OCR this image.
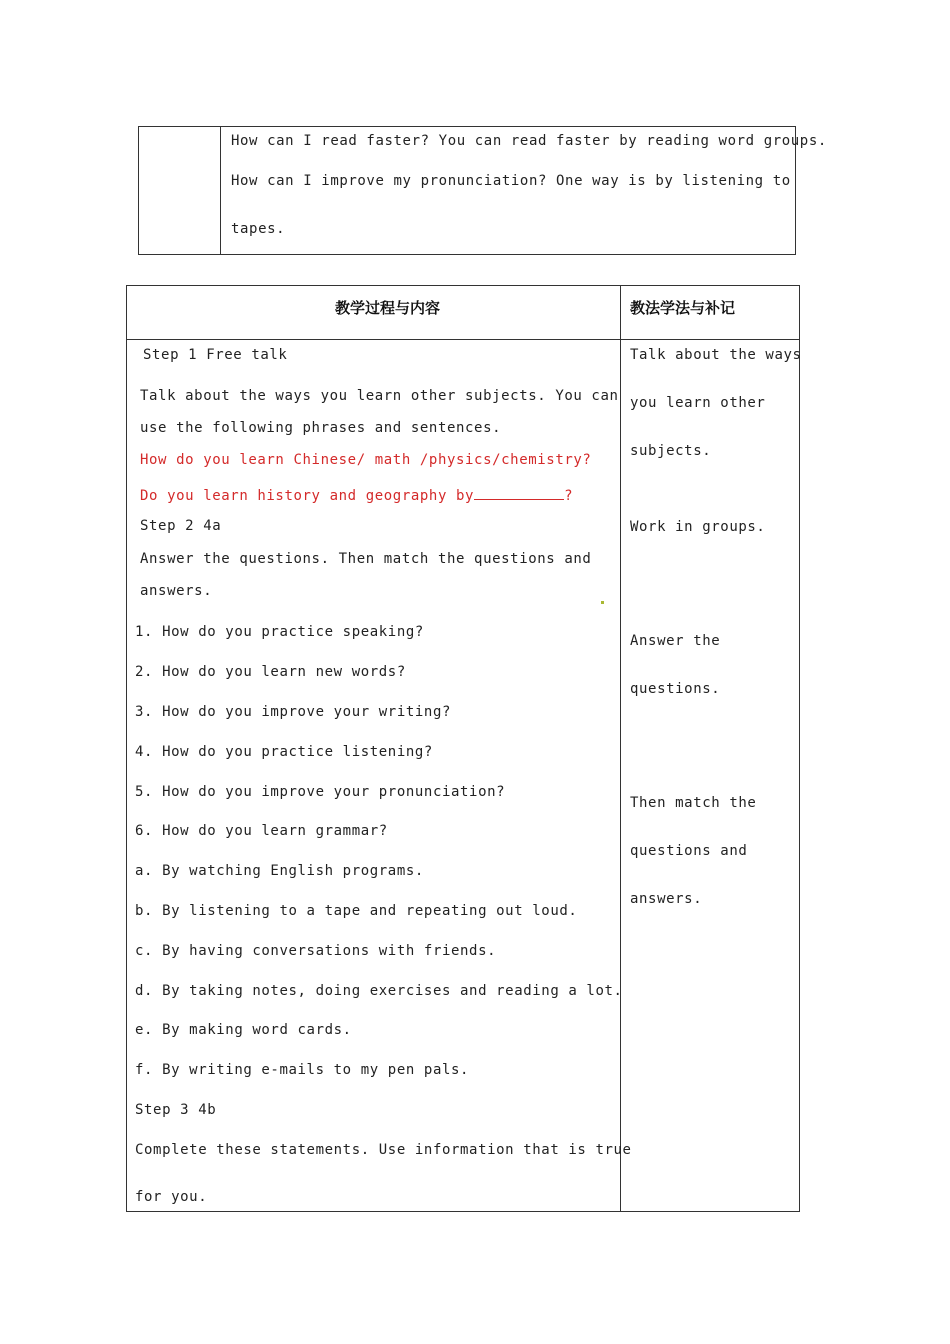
How can I read faster? You can read faster by reading word groups.
How can I improve my pronunciation? One way is by listening to
tapes.
教学过程与内容	教法学法与补记
Step 1 Free talk
Talk about the ways you learn other subjects. You can
use the following phrases and sentences.
How do you learn Chinese/ math /physics/chemistry?
Do you learn history and geography by	?
Step 2 4a
Answer the questions. Then match the questions and
answers.
1. How do you practice speaking?
2. How do you learn new words?
3. How do you improve your writing?
4. How do you practice listening?
5. How do you improve your pronunciation?
6. How do you learn grammar?
a. By watching English programs.
b. By listening to a tape and repeating out loud.
c. By having conversations with friends.
d. By taking notes, doing exercises and reading a lot.
e. By making word cards.
f. By writing e-mails to my pen pals.
Step 3 4b
Complete these statements. Use information that is true
for you.
Talk about the ways
you learn other
subjects.
Work in groups.
Answer the
questions.
Then match the
questions and
answers.
